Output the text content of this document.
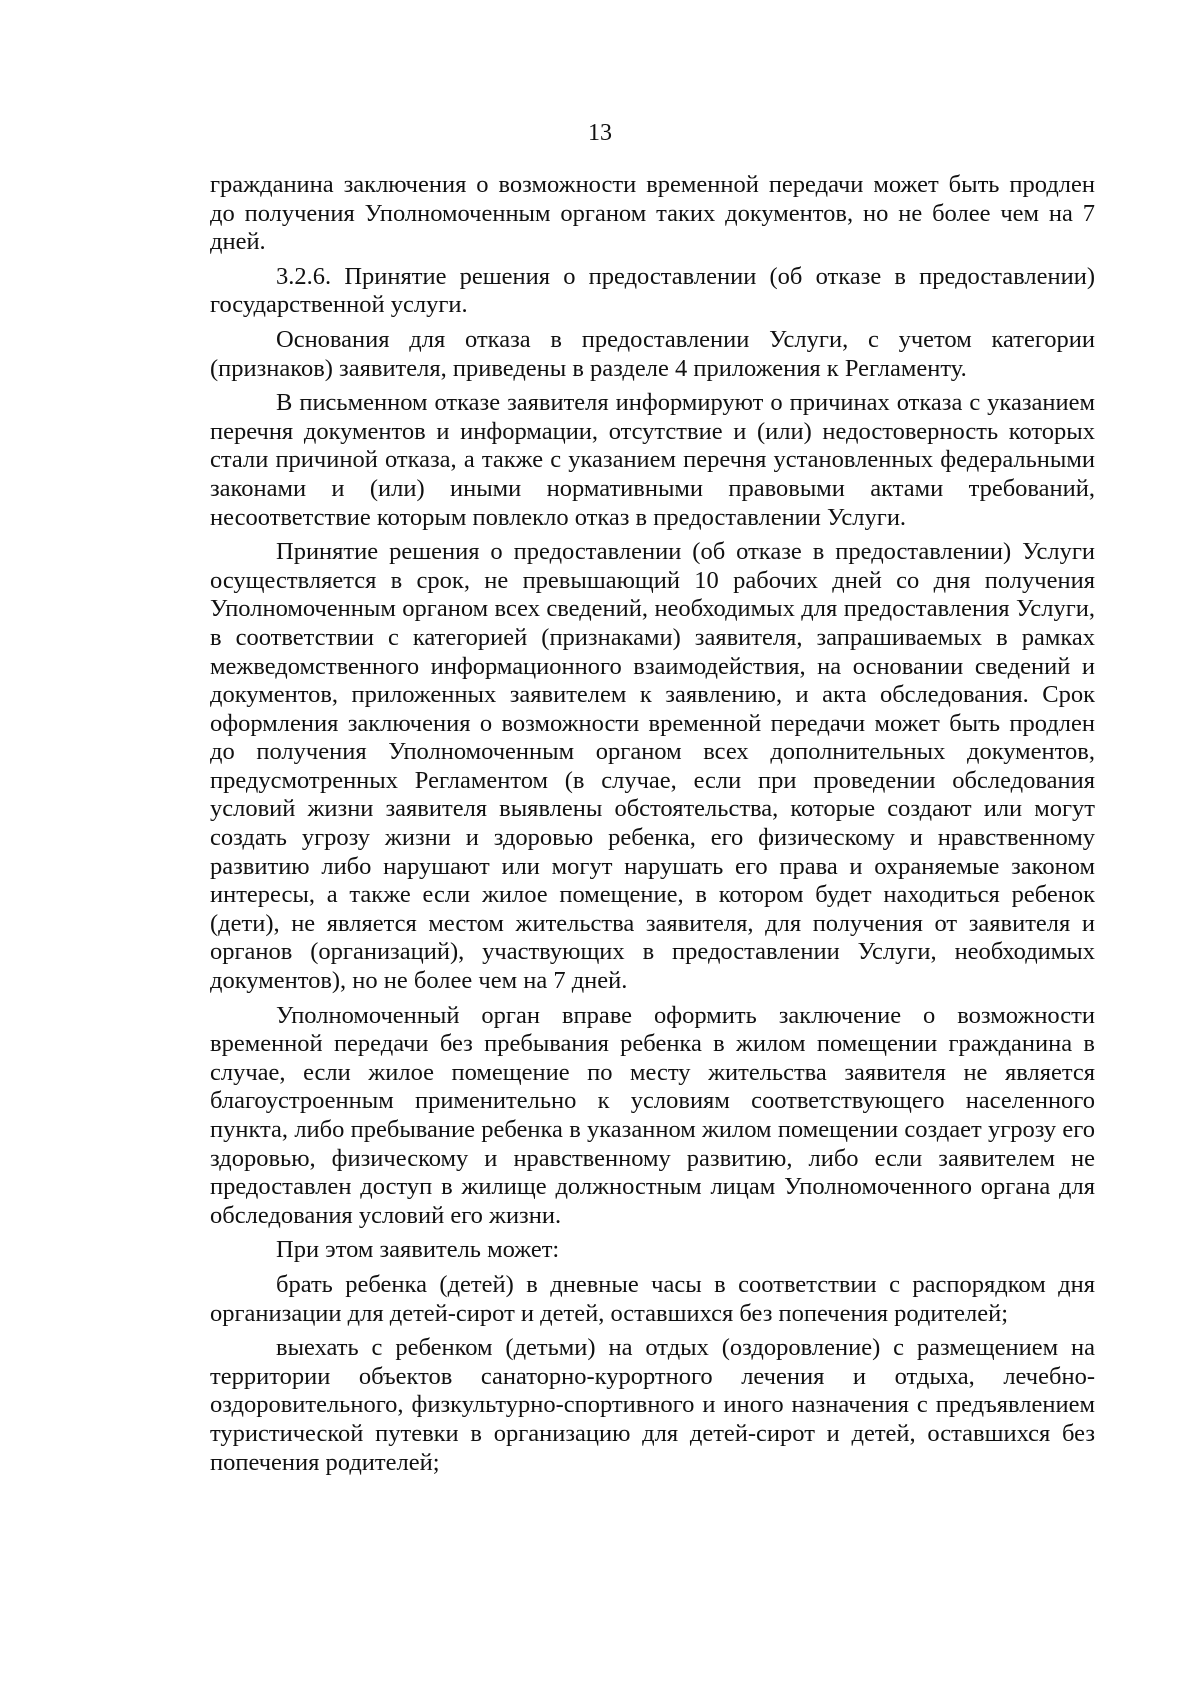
13

гражданина заключения о возможности временной передачи может быть продлен до получения Уполномоченным органом таких документов, но не более чем на 7 дней.

3.2.6. Принятие решения о предоставлении (об отказе в предоставлении) государственной услуги.

Основания для отказа в предоставлении Услуги, с учетом категории (признаков) заявителя, приведены в разделе 4 приложения к Регламенту.

В письменном отказе заявителя информируют о причинах отказа с указанием перечня документов и информации, отсутствие и (или) недостоверность которых стали причиной отказа, а также с указанием перечня установленных федеральными законами и (или) иными нормативными правовыми актами требований, несоответствие которым повлекло отказ в предоставлении Услуги.

Принятие решения о предоставлении (об отказе в предоставлении) Услуги осуществляется в срок, не превышающий 10 рабочих дней со дня получения Уполномоченным органом всех сведений, необходимых для предоставления Услуги, в соответствии с категорией (признаками) заявителя, запрашиваемых в рамках межведомственного информационного взаимодействия, на основании сведений и документов, приложенных заявителем к заявлению, и акта обследования. Срок оформления заключения о возможности временной передачи может быть продлен до получения Уполномоченным органом всех дополнительных документов, предусмотренных Регламентом (в случае, если при проведении обследования условий жизни заявителя выявлены обстоятельства, которые создают или могут создать угрозу жизни и здоровью ребенка, его физическому и нравственному развитию либо нарушают или могут нарушать его права и охраняемые законом интересы, а также если жилое помещение, в котором будет находиться ребенок (дети), не является местом жительства заявителя, для получения от заявителя и органов (организаций), участвующих в предоставлении Услуги, необходимых документов), но не более чем на 7 дней.

Уполномоченный орган вправе оформить заключение о возможности временной передачи без пребывания ребенка в жилом помещении гражданина в случае, если жилое помещение по месту жительства заявителя не является благоустроенным применительно к условиям соответствующего населенного пункта, либо пребывание ребенка в указанном жилом помещении создает угрозу его здоровью, физическому и нравственному развитию, либо если заявителем не предоставлен доступ в жилище должностным лицам Уполномоченного органа для обследования условий его жизни.

При этом заявитель может:

брать ребенка (детей) в дневные часы в соответствии с распорядком дня организации для детей-сирот и детей, оставшихся без попечения родителей;

выехать с ребенком (детьми) на отдых (оздоровление) с размещением на территории объектов санаторно-курортного лечения и отдыха, лечебно-оздоровительного, физкультурно-спортивного и иного назначения с предъявлением туристической путевки в организацию для детей-сирот и детей, оставшихся без попечения родителей;
